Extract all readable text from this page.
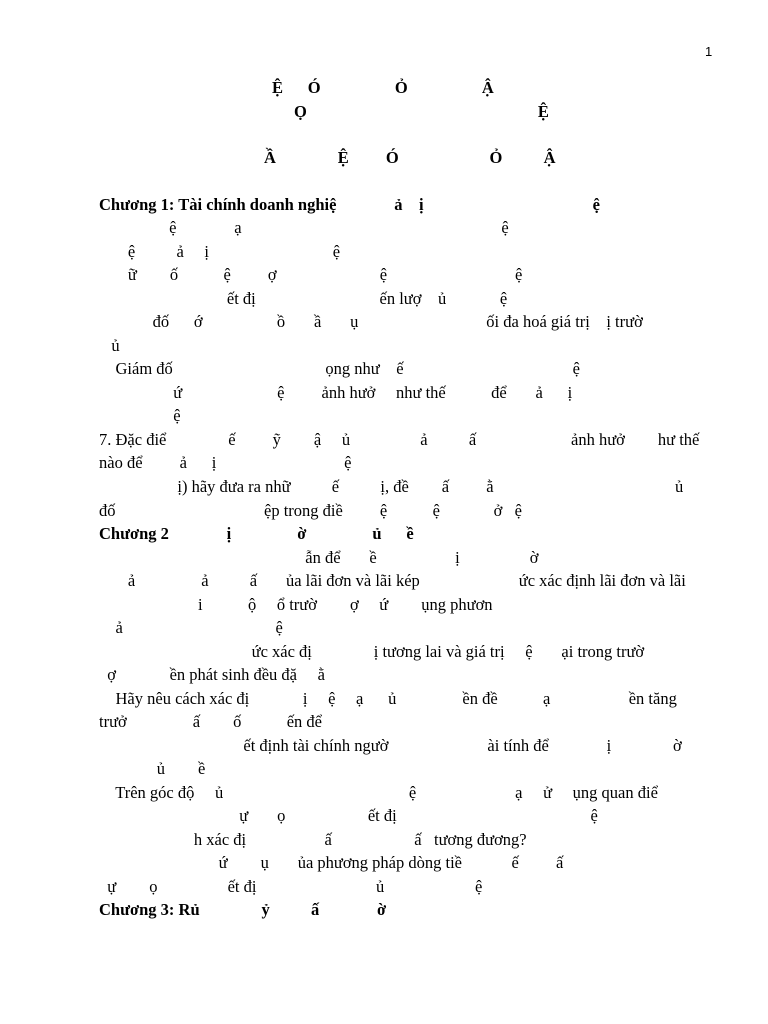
1
Ệ      Ó                  Ỏ                  Ậ
Ọ                                                        Ệ
Ầ               Ệ         Ó                      Ỏ          Ậ
Chương 1: Tài chính doanh nghiệ              ả    ị                                         ệ
ệ              ạ                                                               ệ
ệ          ả     ị                              ệ
ữ        ố           ệ         ợ                         ệ                               ệ
ết đị                              ến lượ    ủ             ệ
đố      ớ                  ồ       ầ       ụ                               ối đa hoá giá trị    ị trườ
ủ
Giám đố                                     ọng như    ế                                         ệ
ứ                       ệ         ảnh hưở     như thế           để       ả      ị
ệ
7. Đặc điể               ế         ỹ        ậ     ủ                 ả          ấ                       ảnh hưở        hư thế
nào để         ả      ị                               ệ
ị) hãy đưa ra nhữ          ế          ị, đề        ấ         ằ                                            ủ
đố                                    ệp trong điề         ệ           ệ             ở   ệ
Chương 2              ị                ờ                ủ      ề
ẫn để       ề                   ị                 ờ
ả                ả          ấ       ủa lãi đơn và lãi kép                        ức xác định lãi đơn và lãi
i           ộ     ổ trườ        ợ     ứ        ụng phươn
ả                                     ệ
ức xác đị               ị tương lai và giá trị     ệ       ại trong trườ
ợ             ền phát sinh đều đặ     ằ
Hãy nêu cách xác đị             ị     ệ     ạ      ủ                ền đề           ạ                   ền tăng
trưở                ấ        ố           ến để
ết định tài chính ngườ                        ài tính để              ị               ờ
ủ        ề
Trên góc độ     ủ                                             ệ                        ạ     ử     ụng quan điể
ự       ọ                    ết đị                                               ệ
h xác đị                   ấ                    ấ   tương đương?
ứ        ụ       ủa phương pháp dòng tiề            ế         ấ
ự        ọ                 ết đị                             ủ                      ệ
Chương 3: Rủ               ỷ          ấ              ờ
